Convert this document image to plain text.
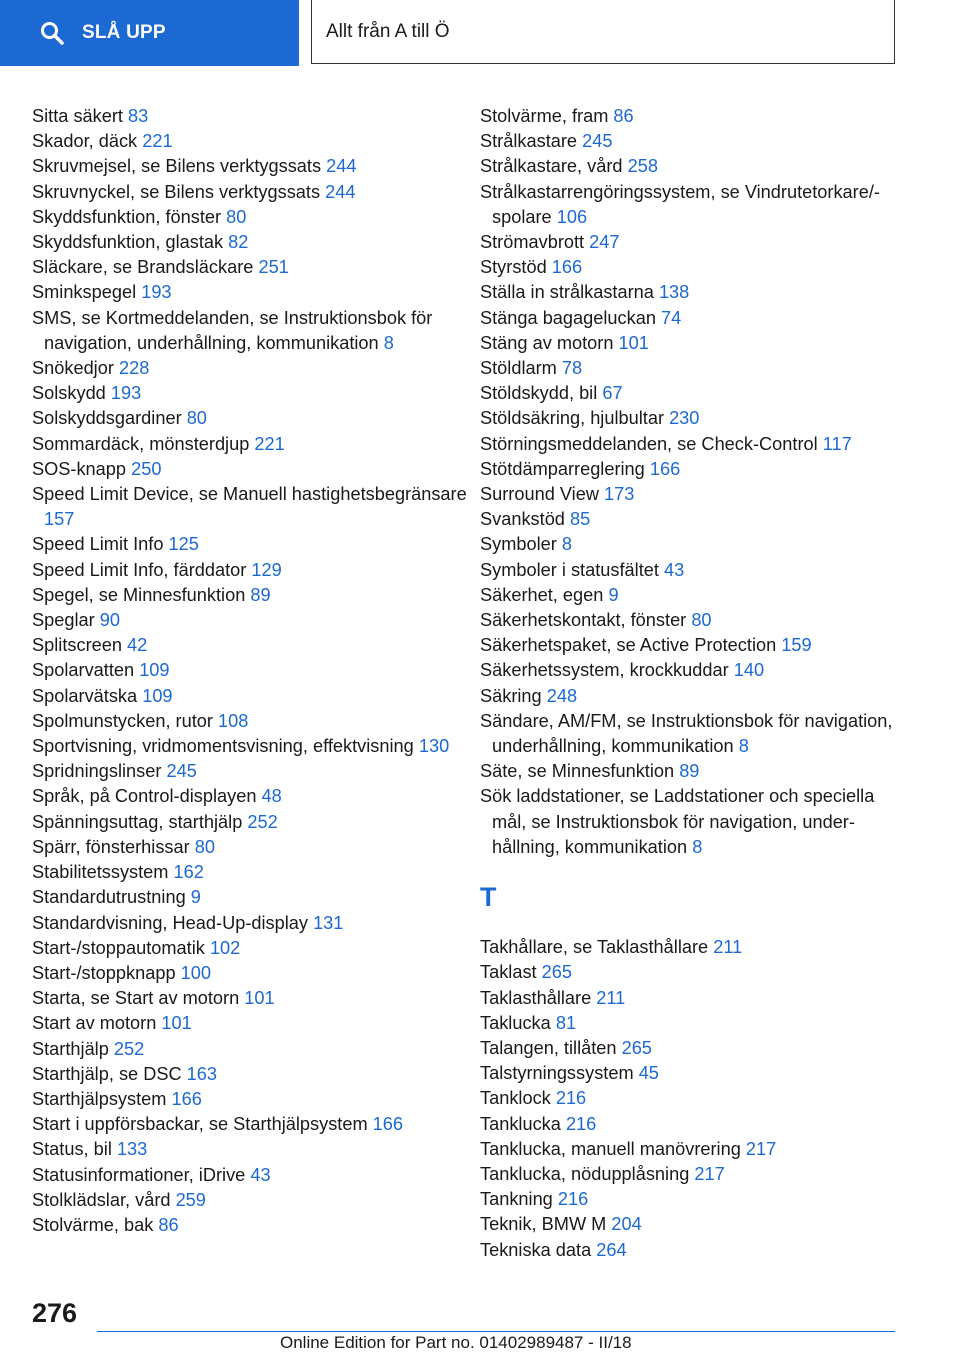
SLÅ UPP	Allt från A till Ö
Sitta säkert 83
Skador, däck 221
Skruvmejsel, se Bilens verktygssats 244
Skruvnyckel, se Bilens verktygssats 244
Skyddsfunktion, fönster 80
Skyddsfunktion, glastak 82
Släckare, se Brandsläckare 251
Sminkspegel 193
SMS, se Kortmeddelanden, se Instruktionsbok för navigation, underhållning, kommunikation 8
Snökedjor 228
Solskydd 193
Solskyddsgardiner 80
Sommardäck, mönsterdjup 221
SOS-knapp 250
Speed Limit Device, se Manuell hastighetsbegränsare 157
Speed Limit Info 125
Speed Limit Info, färddator 129
Spegel, se Minnesfunktion 89
Speglar 90
Splitscreen 42
Spolarvatten 109
Spolarvätska 109
Spolmunstycken, rutor 108
Sportvisning, vridmomentsvisning, effektvisning 130
Spridningslinser 245
Språk, på Control-displayen 48
Spänningsuttag, starthjälp 252
Spärr, fönsterhissar 80
Stabilitetssystem 162
Standardutrustning 9
Standardvisning, Head-Up-display 131
Start-/stoppautomatik 102
Start-/stoppknapp 100
Starta, se Start av motorn 101
Start av motorn 101
Starthjälp 252
Starthjälp, se DSC 163
Starthjälpsystem 166
Start i uppförsbackar, se Starthjälpsystem 166
Status, bil 133
Statusinformationer, iDrive 43
Stolklädslar, vård 259
Stolvärme, bak 86
Stolvärme, fram 86
Strålkastare 245
Strålkastare, vård 258
Strålkastarrengöringssystem, se Vindrutetorkare/-spolare 106
Strömavbrott 247
Styrstöd 166
Ställa in strålkastarna 138
Stänga bagageluckan 74
Stäng av motorn 101
Stöldlarm 78
Stöldskydd, bil 67
Stöldsäkring, hjulbultar 230
Störningsmeddelanden, se Check-Control 117
Stötdämparreglering 166
Surround View 173
Svankstöd 85
Symboler 8
Symboler i statusfältet 43
Säkerhet, egen 9
Säkerhetskontakt, fönster 80
Säkerhetspaket, se Active Protection 159
Säkerhetssystem, krockkuddar 140
Säkring 248
Sändare, AM/FM, se Instruktionsbok för navigation, underhållning, kommunikation 8
Säte, se Minnesfunktion 89
Sök laddstationer, se Laddstationer och speciella mål, se Instruktionsbok för navigation, underhållning, kommunikation 8
T
Takhållare, se Taklasthållare 211
Taklast 265
Taklasthållare 211
Taklucka 81
Talangen, tillåten 265
Talstyrningssystem 45
Tanklock 216
Tanklucka 216
Tanklucka, manuell manövrering 217
Tanklucka, nödupplåsning 217
Tankning 216
Teknik, BMW M 204
Tekniska data 264
276
Online Edition for Part no. 01402989487 - II/18
